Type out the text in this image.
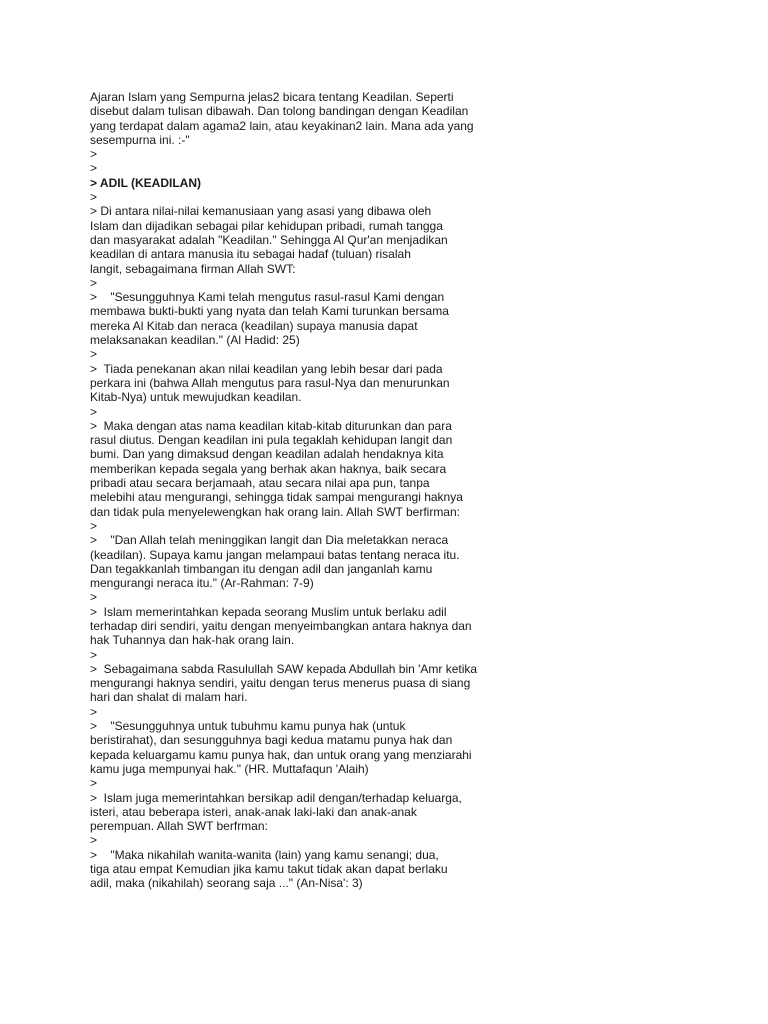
Ajaran Islam yang Sempurna jelas2 bicara tentang Keadilan. Seperti
disebut dalam tulisan dibawah. Dan tolong bandingan dengan Keadilan
yang terdapat dalam agama2 lain, atau keyakinan2 lain. Mana ada yang
sesempurna ini. :-"
>
>
> ADIL (KEADILAN)
>
> Di antara nilai-nilai kemanusiaan yang asasi yang dibawa oleh
Islam dan dijadikan sebagai pilar kehidupan pribadi, rumah tangga
dan masyarakat adalah "Keadilan." Sehingga Al Qur'an menjadikan
keadilan di antara manusia itu sebagai hadaf (tuluan) risalah
langit, sebagaimana firman Allah SWT:
>
>    "Sesungguhnya Kami telah mengutus rasul-rasul Kami dengan
membawa bukti-bukti yang nyata dan telah Kami turunkan bersama
mereka Al Kitab dan neraca (keadilan) supaya manusia dapat
melaksanakan keadilan." (Al Hadid: 25)
>
>  Tiada penekanan akan nilai keadilan yang lebih besar dari pada
perkara ini (bahwa Allah mengutus para rasul-Nya dan menurunkan
Kitab-Nya) untuk mewujudkan keadilan.
>
>  Maka dengan atas nama keadilan kitab-kitab diturunkan dan para
rasul diutus. Dengan keadilan ini pula tegaklah kehidupan langit dan
bumi. Dan yang dimaksud dengan keadilan adalah hendaknya kita
memberikan kepada segala yang berhak akan haknya, baik secara
pribadi atau secara berjamaah, atau secara nilai apa pun, tanpa
melebihi atau mengurangi, sehingga tidak sampai mengurangi haknya
dan tidak pula menyelewengkan hak orang lain. Allah SWT berfirman:
>
>    "Dan Allah telah meninggikan langit dan Dia meletakkan neraca
(keadilan). Supaya kamu jangan melampaui batas tentang neraca itu.
Dan tegakkanlah timbangan itu dengan adil dan janganlah kamu
mengurangi neraca itu." (Ar-Rahman: 7-9)
>
>  Islam memerintahkan kepada seorang Muslim untuk berlaku adil
terhadap diri sendiri, yaitu dengan menyeimbangkan antara haknya dan
hak Tuhannya dan hak-hak orang lain.
>
>  Sebagaimana sabda Rasulullah SAW kepada Abdullah bin 'Amr ketika
mengurangi haknya sendiri, yaitu dengan terus menerus puasa di siang
hari dan shalat di malam hari.
>
>    "Sesungguhnya untuk tubuhmu kamu punya hak (untuk
beristirahat), dan sesungguhnya bagi kedua matamu punya hak dan
kepada keluargamu kamu punya hak, dan untuk orang yang menziarahi
kamu juga mempunyai hak." (HR. Muttafaqun 'Alaih)
>
>  Islam juga memerintahkan bersikap adil dengan/terhadap keluarga,
isteri, atau beberapa isteri, anak-anak laki-laki dan anak-anak
perempuan. Allah SWT berfrman:
>
>    "Maka nikahilah wanita-wanita (lain) yang kamu senangi; dua,
tiga atau empat Kemudian jika kamu takut tidak akan dapat berlaku
adil, maka (nikahilah) seorang saja ..." (An-Nisa': 3)
